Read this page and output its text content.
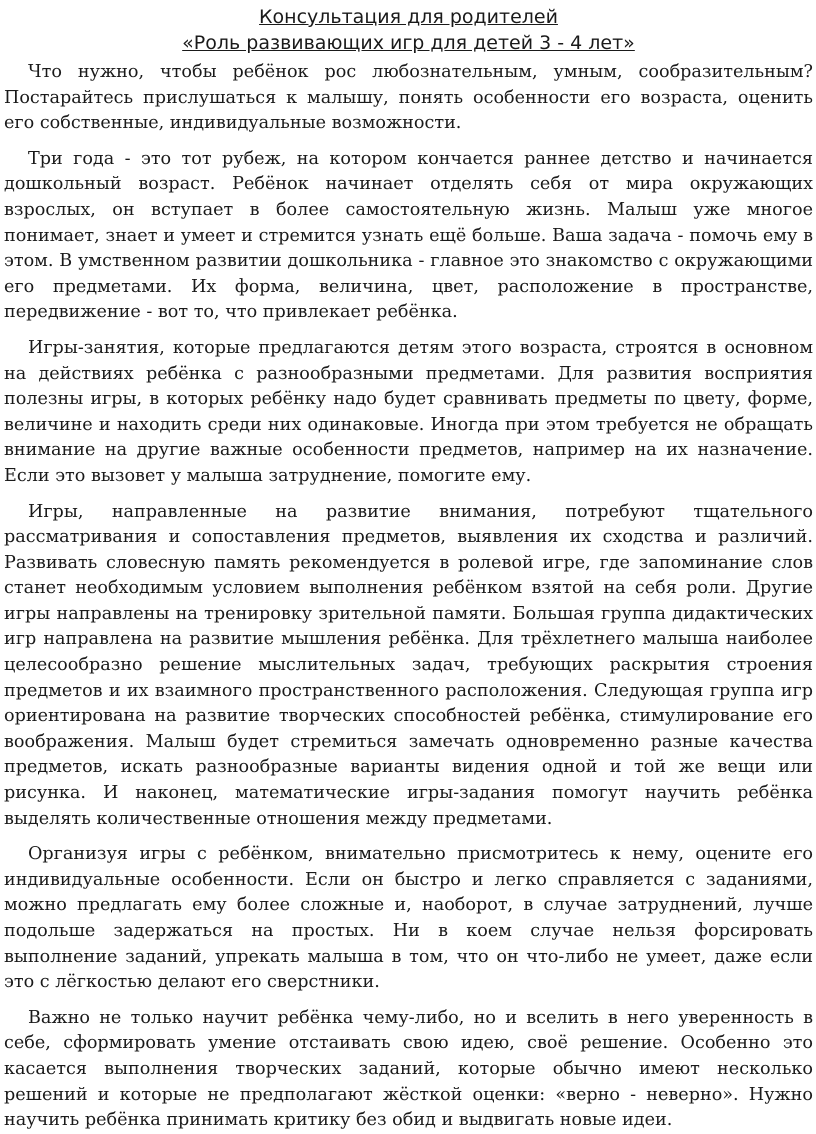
Консультация для родителей
«Роль развивающих игр для детей 3 - 4 лет»

Что нужно, чтобы ребёнок рос любознательным, умным, сообразительным? Постарайтесь прислушаться к малышу, понять особенности его возраста, оценить его собственные, индивидуальные возможности.

Три года - это тот рубеж, на котором кончается раннее детство и начинается дошкольный возраст. Ребёнок начинает отделять себя от мира окружающих взрослых, он вступает в более самостоятельную жизнь. Малыш уже многое понимает, знает и умеет и стремится узнать ещё больше. Ваша задача - помочь ему в этом. В умственном развитии дошкольника - главное это знакомство с окружающими его предметами. Их форма, величина, цвет, расположение в пространстве, передвижение - вот то, что привлекает ребёнка.

Игры-занятия, которые предлагаются детям этого возраста, строятся в основном на действиях ребёнка с разнообразными предметами. Для развития восприятия полезны игры, в которых ребёнку надо будет сравнивать предметы по цвету, форме, величине и находить среди них одинаковые. Иногда при этом требуется не обращать внимание на другие важные особенности предметов, например на их назначение. Если это вызовет у малыша затруднение, помогите ему.

Игры, направленные на развитие внимания, потребуют тщательного рассматривания и сопоставления предметов, выявления их сходства и различий. Развивать словесную память рекомендуется в ролевой игре, где запоминание слов станет необходимым условием выполнения ребёнком взятой на себя роли. Другие игры направлены на тренировку зрительной памяти. Большая группа дидактических игр направлена на развитие мышления ребёнка. Для трёхлетнего малыша наиболее целесообразно решение мыслительных задач, требующих раскрытия строения предметов и их взаимного пространственного расположения. Следующая группа игр ориентирована на развитие творческих способностей ребёнка, стимулирование его воображения. Малыш будет стремиться замечать одновременно разные качества предметов, искать разнообразные варианты видения одной и той же вещи или рисунка. И наконец, математические игры-задания помогут научить ребёнка выделять количественные отношения между предметами.

Организуя игры с ребёнком, внимательно присмотритесь к нему, оцените его индивидуальные особенности. Если он быстро и легко справляется с заданиями, можно предлагать ему более сложные и, наоборот, в случае затруднений, лучше подольше задержаться на простых. Ни в коем случае нельзя форсировать выполнение заданий, упрекать малыша в том, что он что-либо не умеет, даже если это с лёгкостью делают его сверстники.

Важно не только научит ребёнка чему-либо, но и вселить в него уверенность в себе, сформировать умение отстаивать свою идею, своё решение. Особенно это касается выполнения творческих заданий, которые обычно имеют несколько решений и которые не предполагают жёсткой оценки: «верно - неверно». Нужно научить ребёнка принимать критику без обид и выдвигать новые идеи.
